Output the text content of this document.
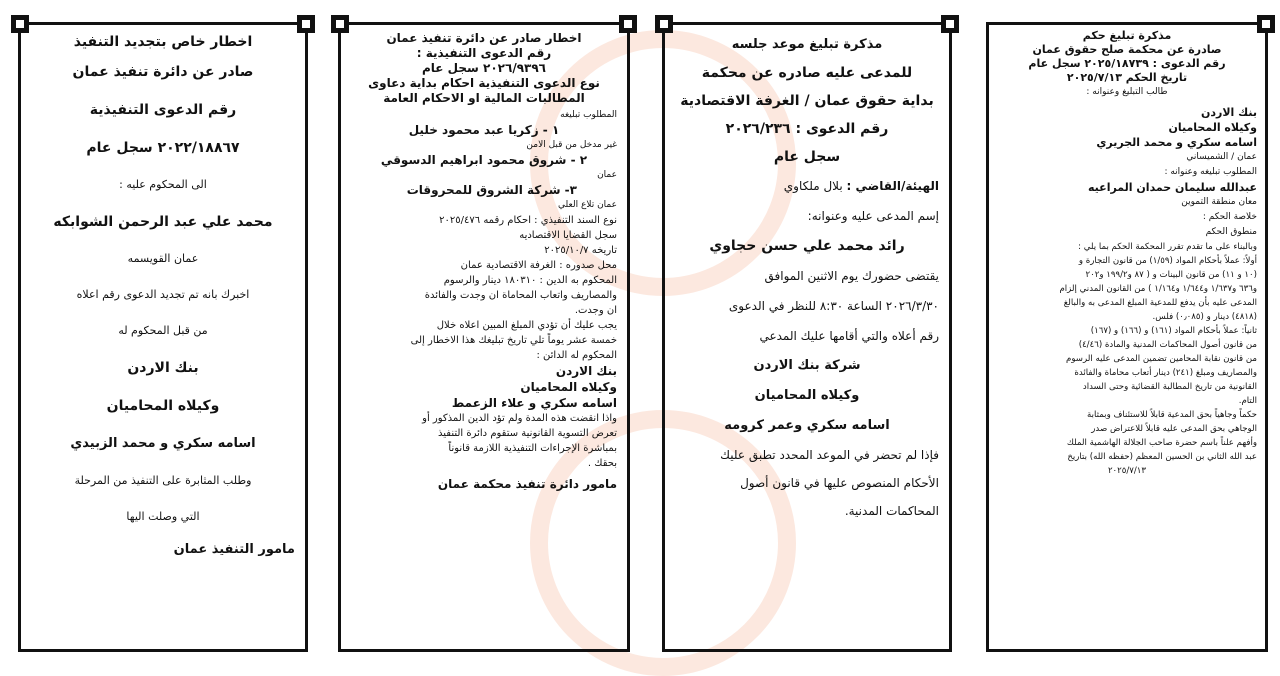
مذكرة تبليغ حكم
صادرة عن محكمة صلح حقوق عمان
رقم الدعوى : ٢٠٢٥/١٨٧٣٩ سجل عام
تاريخ الحكم ٢٠٢٥/٧/١٣
طالب التبليغ وعنوانه :
بنك الاردن
وكيلاه المحاميان
اسامه سكري و محمد الجريري
عمان / الشميساني
المطلوب تبليغه وعنوانه :
عبدالله سليمان حمدان المراعيه
معان منطقة التموين
خلاصة الحكم :
منطوق الحكم
وبالبناء على ما تقدم تقرر المحكمة الحكم بما يلي :
أولاً: عملاً بأحكام المواد (١/٥٩) من قانون التجارة و
(١٠ و ١١) من قانون البينات و ( ٨٧ و١٩٩/٢ و٢٠٢
و٦٣٦ و١/٦٣٧ و١/٦٤٤ و١/١٦٤ ) من القانون المدني إلزام
المدعى عليه بأن يدفع للمدعية المبلغ المدعى به والبالغ
(٤٨١٨) دينار و (٠٫٠٨٥) فلس.
ثانياً: عملاً بأحكام المواد (١٦١) و (١٦٦) و (١٦٧)
من قانون أصول المحاكمات المدنية والمادة (٤/٤٦)
من قانون نقابة المحامين تضمين المدعى عليه الرسوم
والمصاريف ومبلغ (٢٤١) دينار أتعاب محاماة والفائدة
القانونية من تاريخ المطالبة القضائية وحتى السداد
التام.
حكماً وجاهياً بحق المدعية قابلاً للاستئناف وبمثابة
الوجاهي بحق المدعى عليه قابلاً للاعتراض صدر
وأفهم علناً باسم حضرة صاحب الجلالة الهاشمية الملك
عبد الله الثاني بن الحسين المعظم (حفظه الله) بتاريخ
٢٠٢٥/٧/١٣
مذكرة تبليغ موعد جلسه
للمدعى عليه صادره عن محكمة
بداية حقوق عمان / الغرفة الاقتصادية
رقم الدعوى : ٢٠٢٦/٢٣٦
سجل عام
الهيئة/القاضي : بلال ملكاوي
إسم المدعى عليه وعنوانه:
رائد محمد علي حسن حجاوي
يقتضى حضورك يوم الاثنين الموافق
٢٠٢٦/٣/٣٠ الساعة ٨:٣٠ للنظر في الدعوى
رقم أعلاه والتي أقامها عليك المدعي
شركة بنك الاردن
وكيلاه المحاميان
اسامه سكري وعمر كرومه
فإذا لم تحضر في الموعد المحدد تطبق عليك
الأحكام المنصوص عليها في قانون أصول
المحاكمات المدنية.
اخطار صادر عن دائرة تنفيذ عمان
رقم الدعوى التنفيذية :
٢٠٢٦/٩٣٩٦ سجل عام
نوع الدعوى التنفيذية احكام بداية دعاوى
المطالبات المالية او الاحكام العامة
المطلوب تبليغه
١ - زكريا عبد محمود خليل
غير مدخل من قبل الامن
٢ - شروق محمود ابراهيم الدسوقي
عمان
٣- شركة الشروق للمحروقات
عمان تلاع العلي
نوع السند التنفيذي : احكام رقمه ٢٠٢٥/٤٧٦
سجل القضايا الاقتصاديه
تاريخه ٢٠٢٥/١٠/٧
محل صدوره : الغرفة الاقتصادية عمان
المحكوم به الدين : ١٨٠٣١٠ دينار والرسوم
والمصاريف واتعاب المحاماة ان وجدت والفائدة
ان وجدت.
يجب عليك أن تؤدي المبلغ المبين اعلاه خلال
خمسة عشر يوماً تلي تاريخ تبليغك هذا الاخطار إلى
المحكوم له الدائن :
بنك الاردن
وكيلاه المحاميان
اسامه سكري و علاء الزعمط
واذا انقضت هذه المدة ولم تؤد الدين المذكور أو
تعرض التسوية القانونية ستقوم دائرة التنفيذ
بمباشرة الإجراءات التنفيذية اللازمة قانوناً
بحقك .
مامور دائرة تنفيذ محكمة عمان
اخطار خاص بتجديد التنفيذ
صادر عن دائرة تنفيذ عمان
رقم الدعوى التنفيذية
٢٠٢٢/١٨٨٦٧ سجل عام
الى المحكوم عليه :
محمد علي عبد الرحمن الشوابكه
عمان القويسمه
اخبرك بانه تم تجديد الدعوى رقم اعلاه
من قبل المحكوم له
بنك الاردن
وكيلاه المحاميان
اسامه سكري و محمد الزبيدي
وطلب المثابرة على التنفيذ من المرحلة
التي وصلت اليها
مامور التنفيذ عمان
